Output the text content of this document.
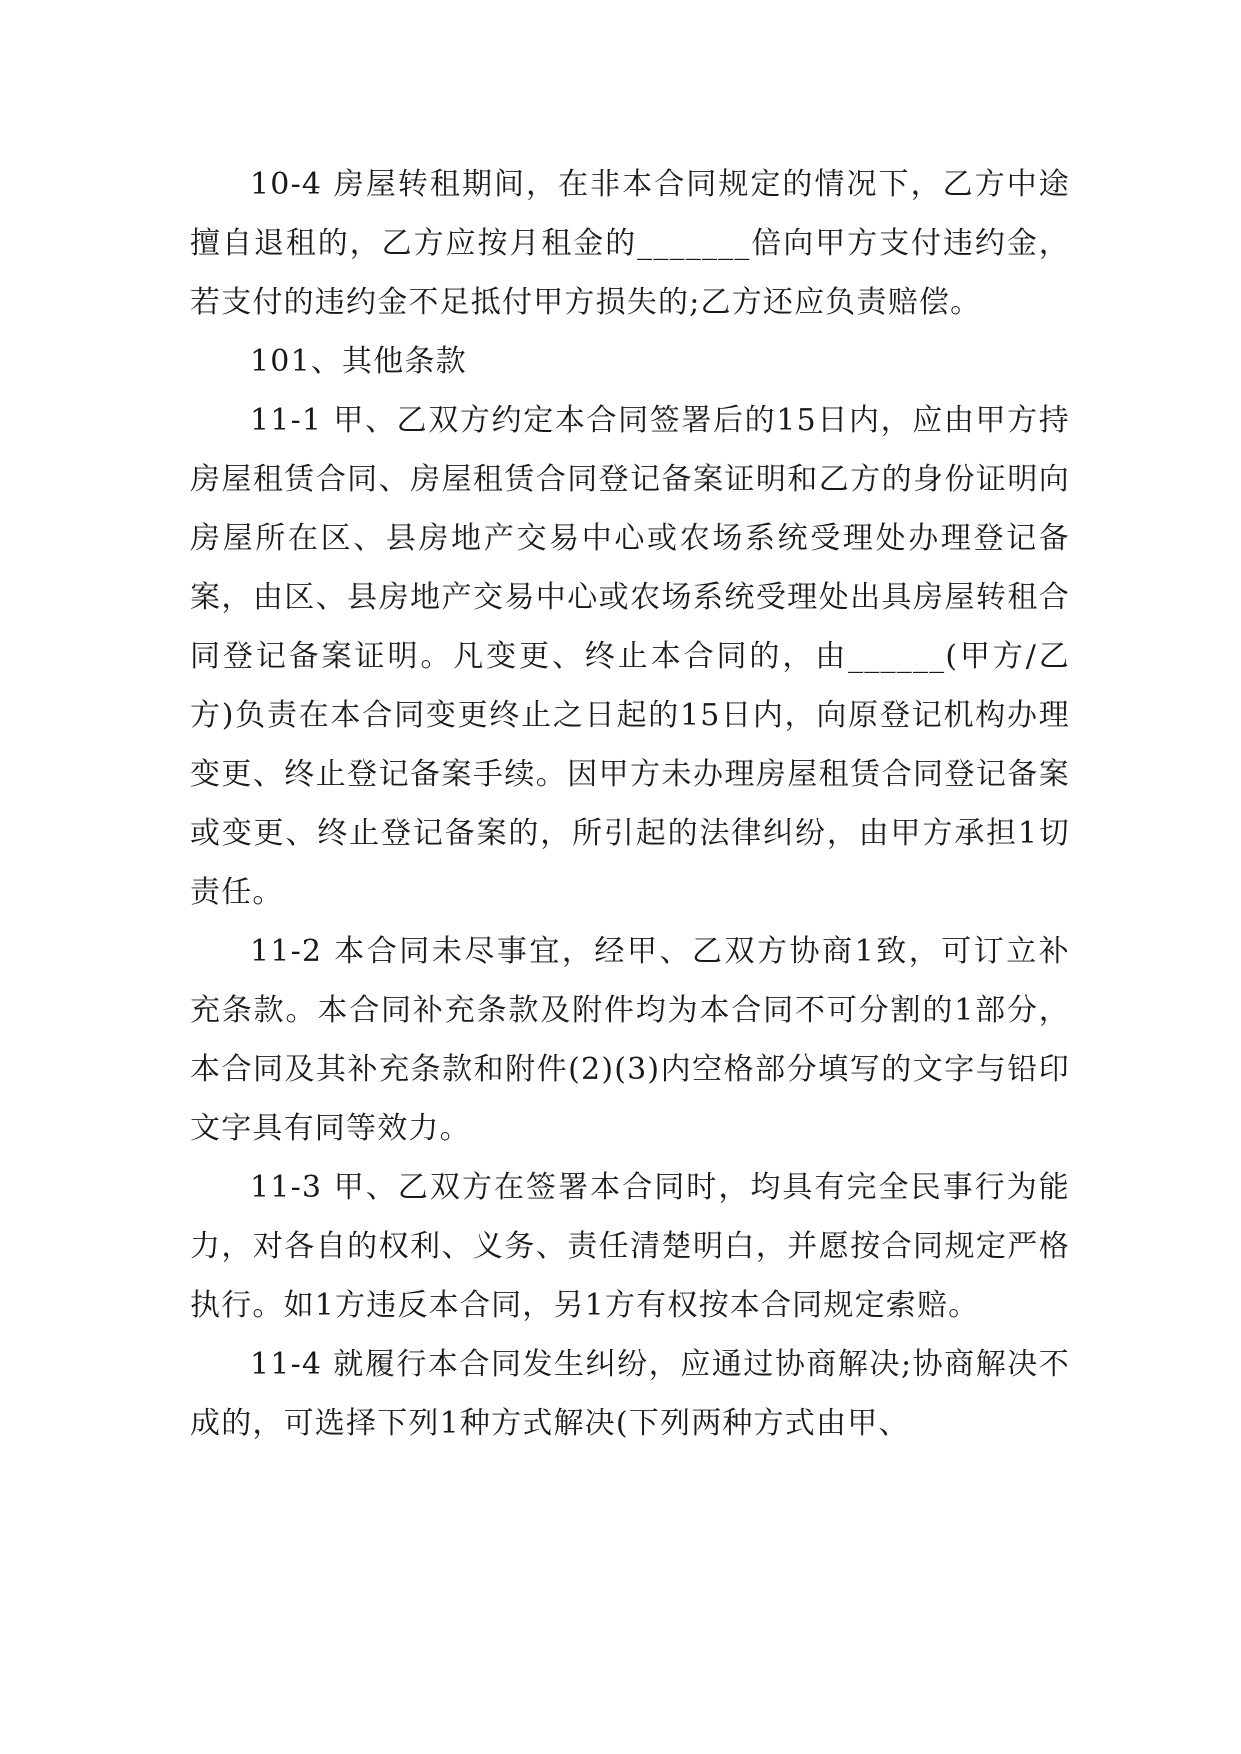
10-4 房屋转租期间，在非本合同规定的情况下，乙方中途擅自退租的，乙方应按月租金的_______倍向甲方支付违约金，若支付的违约金不足抵付甲方损失的;乙方还应负责赔偿。

101、其他条款

11-1 甲、乙双方约定本合同签署后的15日内，应由甲方持房屋租赁合同、房屋租赁合同登记备案证明和乙方的身份证明向房屋所在区、县房地产交易中心或农场系统受理处办理登记备案，由区、县房地产交易中心或农场系统受理处出具房屋转租合同登记备案证明。凡变更、终止本合同的，由______(甲方/乙方)负责在本合同变更终止之日起的15日内，向原登记机构办理变更、终止登记备案手续。因甲方未办理房屋租赁合同登记备案或变更、终止登记备案的，所引起的法律纠纷，由甲方承担1切责任。

11-2 本合同未尽事宜，经甲、乙双方协商1致，可订立补充条款。本合同补充条款及附件均为本合同不可分割的1部分，本合同及其补充条款和附件(2)(3)内空格部分填写的文字与铅印文字具有同等效力。

11-3 甲、乙双方在签署本合同时，均具有完全民事行为能力，对各自的权利、义务、责任清楚明白，并愿按合同规定严格执行。如1方违反本合同，另1方有权按本合同规定索赔。

11-4 就履行本合同发生纠纷，应通过协商解决;协商解决不成的，可选择下列1种方式解决(下列两种方式由甲、
